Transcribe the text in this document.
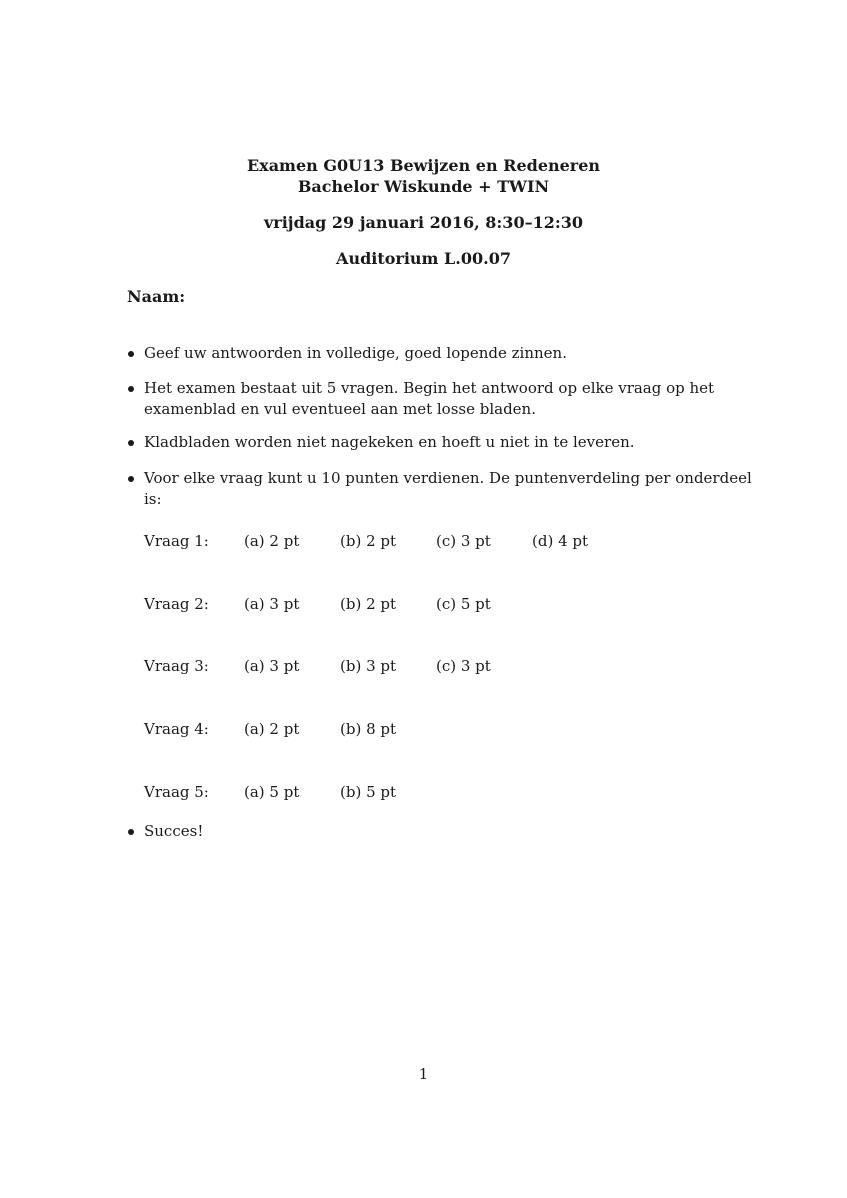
Examen G0U13 Bewijzen en Redeneren
Bachelor Wiskunde + TWIN
vrijdag 29 januari 2016, 8:30–12:30
Auditorium L.00.07
Naam:
Geef uw antwoorden in volledige, goed lopende zinnen.
Het examen bestaat uit 5 vragen. Begin het antwoord op elke vraag op het examenblad en vul eventueel aan met losse bladen.
Kladbladen worden niet nagekeken en hoeft u niet in te leveren.
Voor elke vraag kunt u 10 punten verdienen. De puntenverdeling per onderdeel is:
Succes!
Vraag 1: (a) 2 pt	(b) 2 pt	(c) 3 pt	(d) 4 pt
Vraag 2: (a) 3 pt	(b) 2 pt	(c) 5 pt
Vraag 3: (a) 3 pt	(b) 3 pt	(c) 3 pt
Vraag 4: (a) 2 pt	(b) 8 pt
Vraag 5: (a) 5 pt	(b) 5 pt
1
